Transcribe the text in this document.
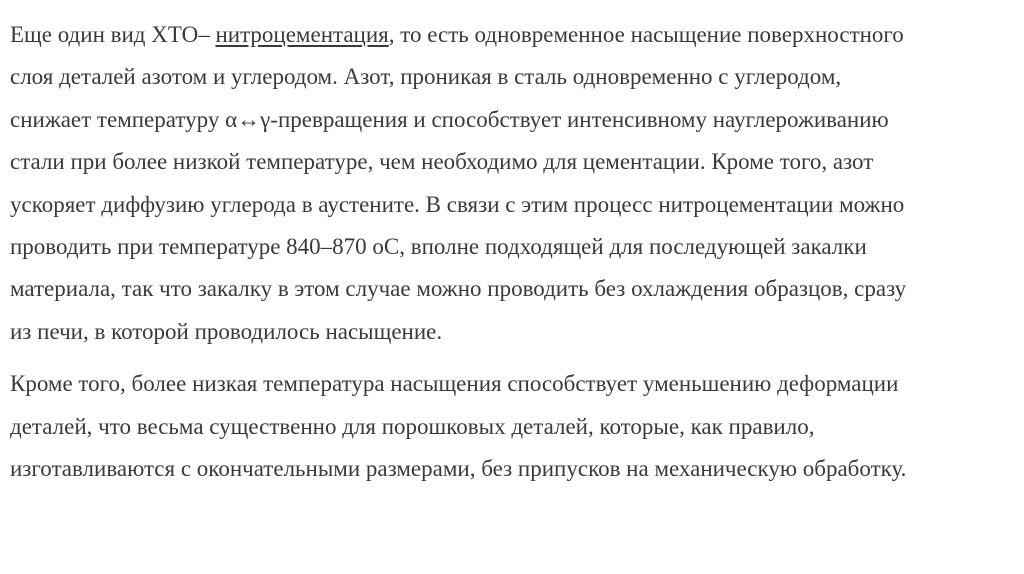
Еще один вид ХТО– нитроцементация, то есть одновременное насыщение поверхностного
слоя деталей азотом и углеродом. Азот, проникая в сталь одновременно с углеродом,
снижает температуру α↔γ-превращения и способствует интенсивному науглероживанию
стали при более низкой температуре, чем необходимо для цементации. Кроме того, азот
ускоряет диффузию углерода в аустените. В связи с этим процесс нитроцементации можно
проводить при температуре 840–870 оС, вполне подходящей для последующей закалки
материала, так что закалку в этом случае можно проводить без охлаждения образцов, сразу
из печи, в которой проводилось насыщение.

Кроме того, более низкая температура насыщения способствует уменьшению деформации
деталей, что весьма существенно для порошковых деталей, которые, как правило,
изготавливаются с окончательными размерами, без припусков на механическую обработку.
